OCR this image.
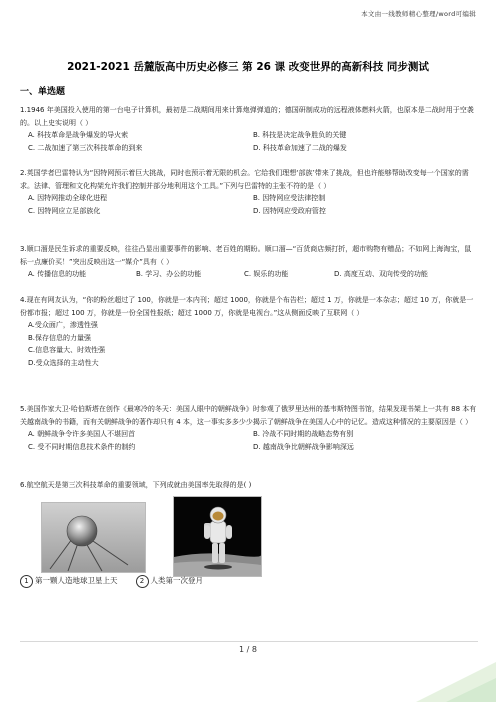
本文由一线教师精心整理/word可编辑
2021-2021 岳麓版高中历史必修三 第 26 课 改变世界的高新科技 同步测试
一、单选题

1.1946 年美国投入使用的第一台电子计算机，最初是二战期间用来计算炮弹弹道的；德国研制成功的远程液体燃料火箭，也原本是二战时用于空袭的。以上史实说明（ ）

A. 科技革命是战争爆发的导火索	B. 科技是决定战争胜负的关键
C. 二战加速了第三次科技革命的到来	D. 科技革命加速了二战的爆发

2.英国学者巴雷特认为“因特网预示着巨大挑战，同时也预示着无限的机会。它给我们理想‘部族’带来了挑战，但也许能够帮助改变每一个国家的需求。法律、管理和文化构架允许我们控制并部分地利用这个工具。”下列与巴雷特的主张不符的是（ ）

A. 因特网推动全球化进程	B. 因特网应受法律控制
C. 因特网应立足部族化	D. 因特网应受政府管控

3.顺口溜是民生诉求的重要反映，往往凸显出重要事件的影响、老百姓的期盼。顺口溜—“百货商店频打折，超市购物有赠品；不如网上海淘宝，鼠标一点廉价买！”突出反映出这一“媒介”具有（ ）

A. 传播信息的功能	B. 学习、办公的功能	C. 娱乐的功能	D. 高度互动、双向传受的功能

4.现在有网友认为，“你的粉丝超过了 100，你就是一本内刊；超过 1000，你就是个布告栏；超过 1 万，你就是一本杂志；超过 10 万，你就是一份都市报；超过 100 万，你就是一份全国性报纸；超过 1000 万，你就是电视台。”这从侧面反映了互联网（ ）

A.受众面广，渗透性强
B.保存信息的力量强
C.信息容量大、时效性强
D.受众选择的主动性大

5.美国作家大卫·哈伯斯塔在创作《最寒冷的冬天：美国人眼中的朝鲜战争》时参观了俄罗里达州的基韦斯特图书馆，结果发现书架上一共有 88 本有关越南战争的书籍，而有关朝鲜战争的著作却只有 4 本，这一事实多多少少揭示了朝鲜战争在美国人心中的记忆。造成这种情况的主要原因是（ ）

A. 朝鲜战争令许多美国人不堪回首	B. 冷战不同时期的战略态势有别
C. 受不同时期信息技术条件的制约	D. 越南战争比朝鲜战争影响深远

6.航空航天是第三次科技革命的重要领域，下列成就由美国率先取得的是( )

1 第一颗人造地球卫星上天	2 人类第一次登月
1 / 8
